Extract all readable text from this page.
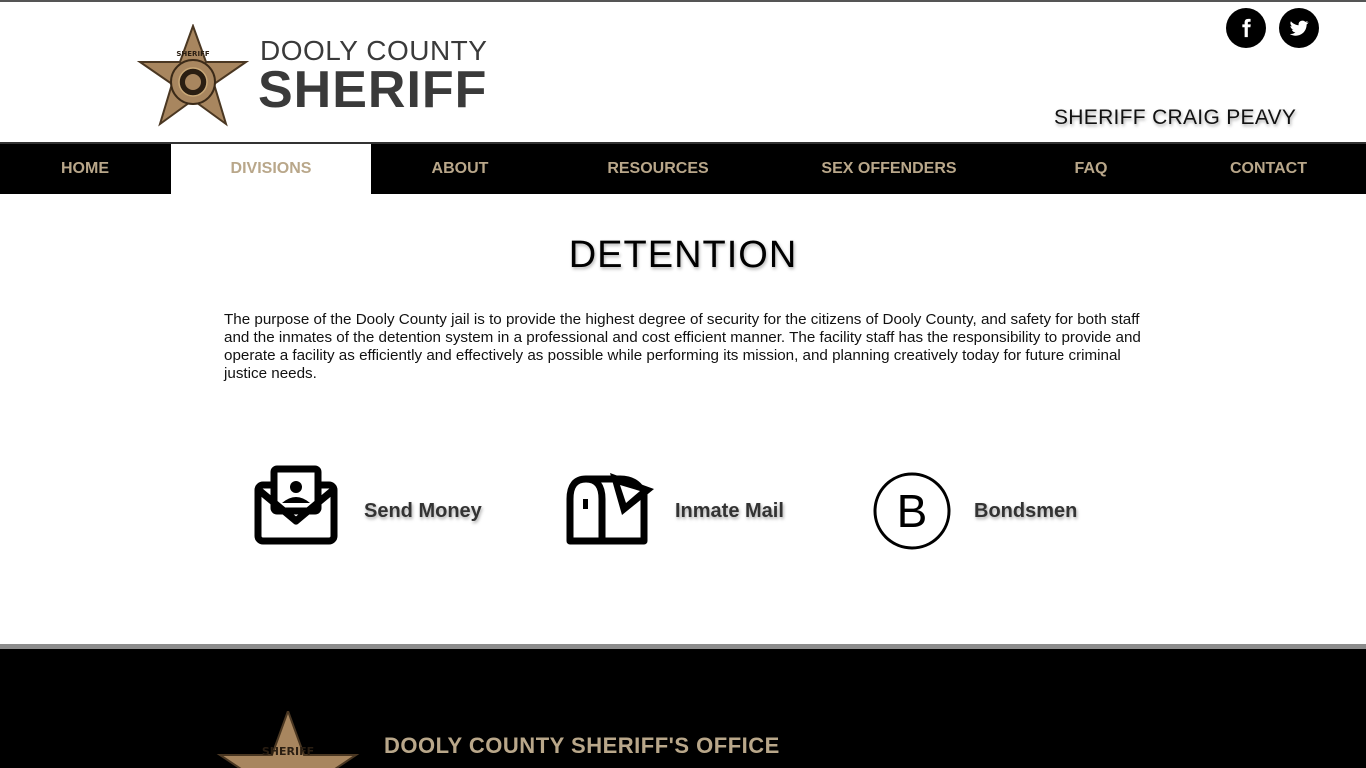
SHERIFF DOOLY COUNTY
SHERIFF	SHERIFF CRAIG PEAVY
HOME	DIVISIONS	ABOUT	RESOURCES	SEX OFFENDERS	FAQ	CONTACT
DETENTION
The purpose of the Dooly County jail is to provide the highest degree of security for the citizens of Dooly County, and safety for both staff and the inmates of the detention system in a professional and cost efficient manner. The facility staff has the responsibility to provide and operate a facility as efficiently and effectively as possible while performing its mission, and planning creatively today for future criminal justice needs.
Send Money	Inmate Mail B Bondsmen
SHERIFF	DOOLY COUNTY SHERIFF'S OFFICE
